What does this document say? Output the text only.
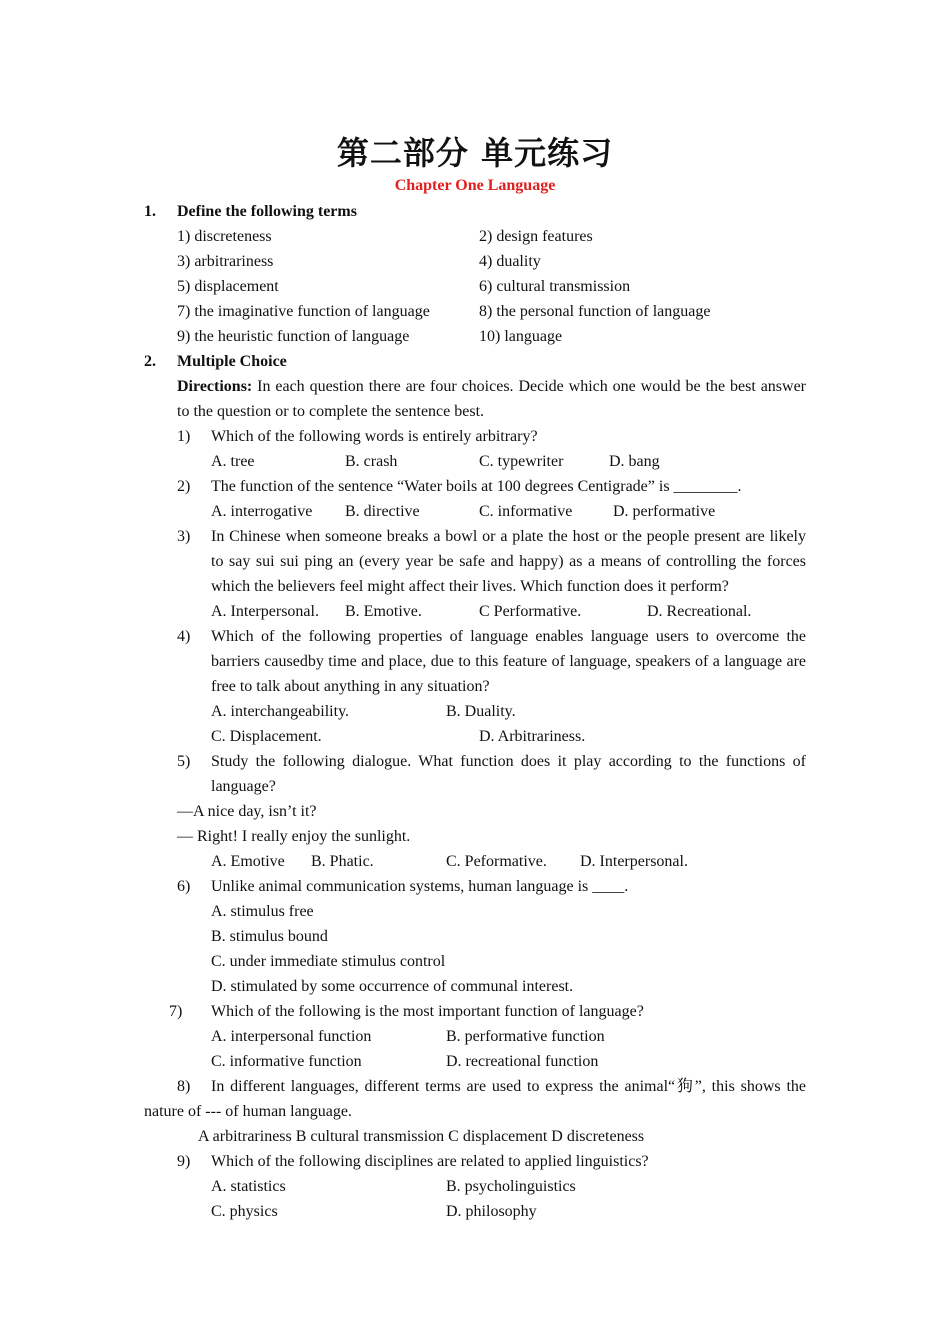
第二部分 单元练习
Chapter One Language
1. Define the following terms
1) discreteness	2) design features
3) arbitrariness	4) duality
5) displacement	6) cultural transmission
7) the imaginative function of language	8) the personal function of language
9) the heuristic function of language	10) language
2. Multiple Choice
Directions: In each question there are four choices. Decide which one would be the best answer to the question or to complete the sentence best.
1) Which of the following words is entirely arbitrary?
A. tree	B. crash	C. typewriter	D. bang
2) The function of the sentence “Water boils at 100 degrees Centigrade” is ________.
A. interrogative B. directive	C. informative	D. performative
3) In Chinese when someone breaks a bowl or a plate the host or the people present are likely to say sui sui ping an (every year be safe and happy) as a means of controlling the forces which the believers feel might affect their lives. Which function does it perform?
A. Interpersonal. B. Emotive.	C Performative.	D. Recreational.
4) Which of the following properties of language enables language users to overcome the barriers causedby time and place, due to this feature of language, speakers of a language are free to talk about anything in any situation?
A. interchangeability.	B. Duality.
C. Displacement.	D. Arbitrariness.
5) Study the following dialogue. What function does it play according to the functions of language?
—A nice day, isn’t it?
— Right! I really enjoy the sunlight.
A. Emotive B. Phatic.	C. Peformative. D. Interpersonal.
6) Unlike animal communication systems, human language is ____.
A. stimulus free
B. stimulus bound
C. under immediate stimulus control
D. stimulated by some occurrence of communal interest.
7) Which of the following is the most important function of language?
A. interpersonal function	B. performative function
C. informative function	D. recreational function
8) In different languages, different terms are used to express the animal“狗”, this shows the nature of --- of human language.
A arbitrariness B cultural transmission C displacement D discreteness
9) Which of the following disciplines are related to applied linguistics?
A. statistics	B. psycholinguistics
C. physics	D. philosophy
